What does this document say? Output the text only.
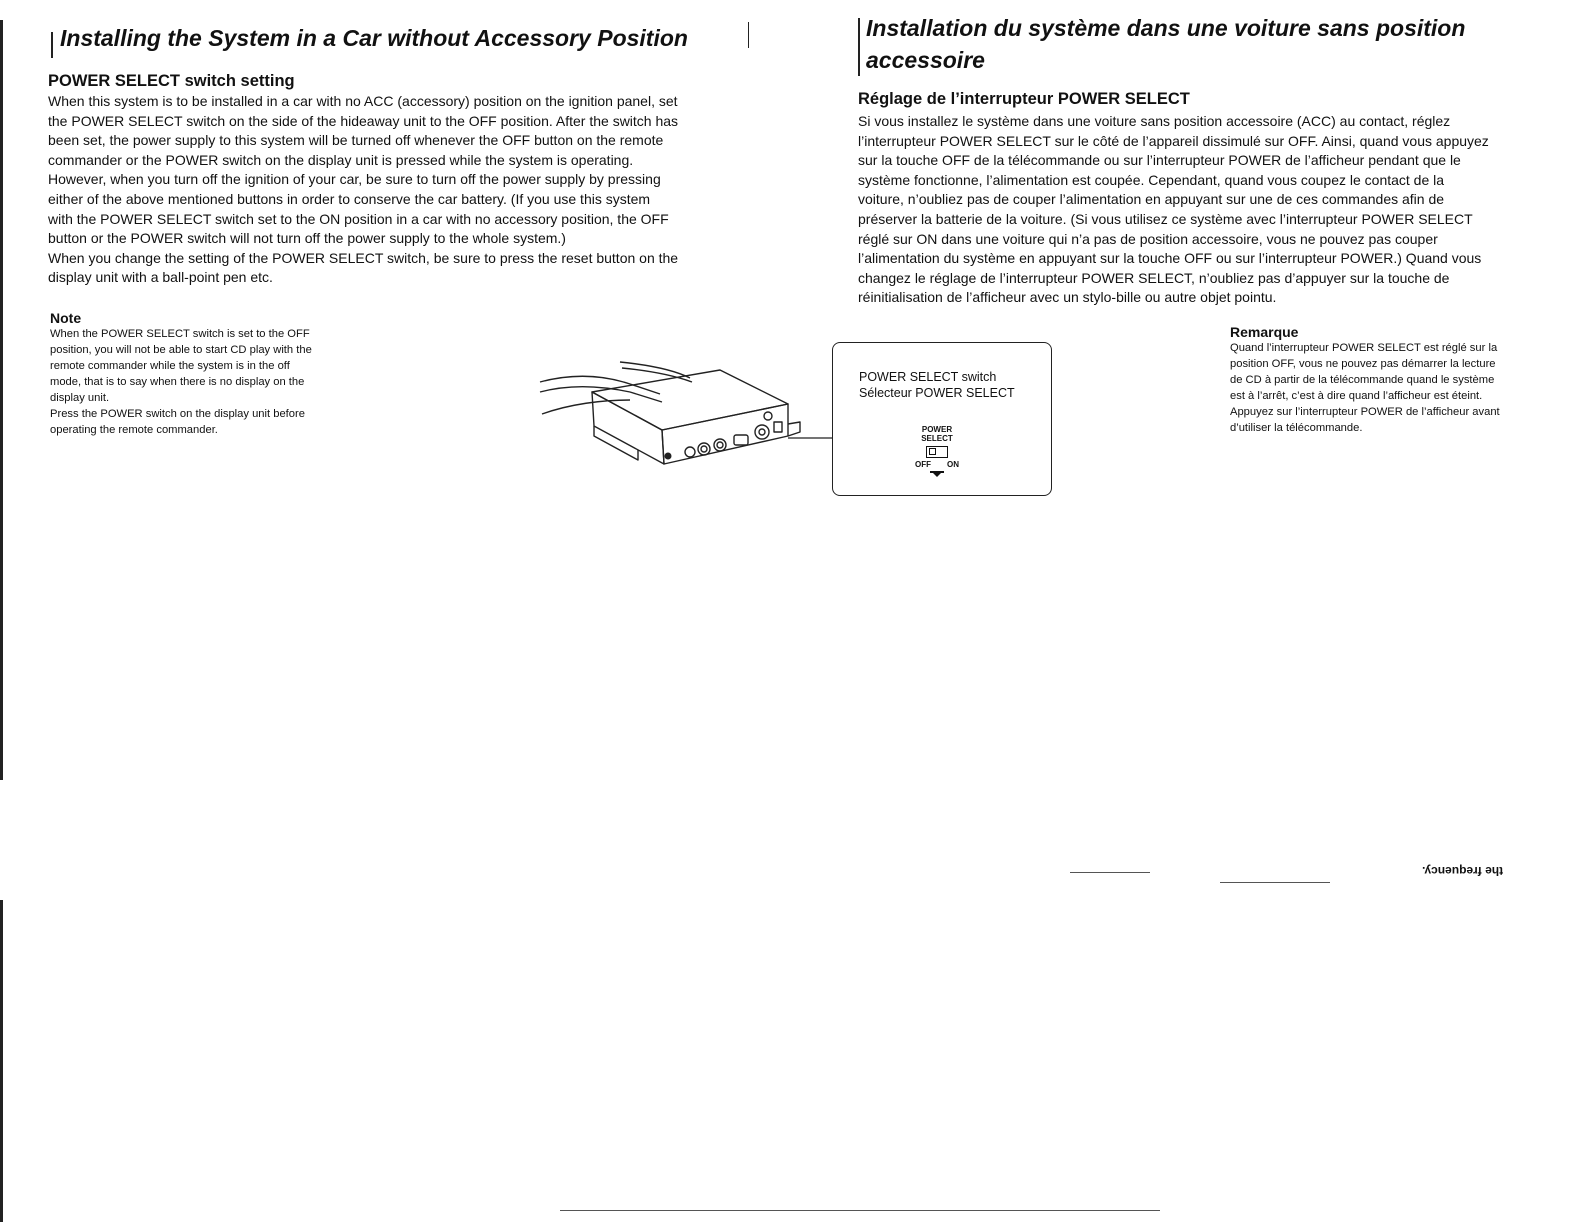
Installing the System in a Car without Accessory Position
POWER SELECT switch setting

When this system is to be installed in a car with no ACC (accessory) position on the ignition panel, set

the POWER SELECT switch on the side of the hideaway unit to the OFF position. After the switch has

been set, the power supply to this system will be turned off whenever the OFF button on the remote

commander or the POWER switch on the display unit is pressed while the system is operating.

However, when you turn off the ignition of your car, be sure to turn off the power supply by pressing

either of the above mentioned buttons in order to conserve the car battery. (If you use this system

with the POWER SELECT switch set to the ON position in a car with no accessory position, the OFF

button or the POWER switch will not turn off the power supply to the whole system.)

When you change the setting of the POWER SELECT switch, be sure to press the reset button on the

display unit with a ball-point pen etc.

Note

When the POWER SELECT switch is set to the OFF

position, you will not be able to start CD play with the

remote commander while the system is in the off

mode, that is to say when there is no display on the

display unit.

Press the POWER switch on the display unit before

operating the remote commander.

POWER SELECT switch
Sélecteur POWER SELECT
POWER
SELECT
OFF ON
Installation du système dans une voiture sans position
accessoire
Réglage de l’interrupteur POWER SELECT

Si vous installez le système dans une voiture sans position accessoire (ACC) au contact, réglez

l’interrupteur POWER SELECT sur le côté de l’appareil dissimulé sur OFF. Ainsi, quand vous appuyez

sur la touche OFF de la télécommande ou sur l’interrupteur POWER de l’afficheur pendant que le

système fonctionne, l’alimentation est coupée. Cependant, quand vous coupez le contact de la

voiture, n’oubliez pas de couper l’alimentation en appuyant sur une de ces commandes afin de

préserver la batterie de la voiture. (Si vous utilisez ce système avec l’interrupteur POWER SELECT

réglé sur ON dans une voiture qui n’a pas de position accessoire, vous ne pouvez pas couper

l’alimentation du système en appuyant sur la touche OFF ou sur l’interrupteur POWER.) Quand vous

changez le réglage de l’interrupteur POWER SELECT, n’oubliez pas d’appuyer sur la touche de

réinitialisation de l’afficheur avec un stylo-bille ou autre objet pointu.

Remarque

Quand l’interrupteur POWER SELECT est réglé sur la

position OFF, vous ne pouvez pas démarrer la lecture

de CD à partir de la télécommande quand le système

est à l’arrêt, c’est à dire quand l’afficheur est éteint.

Appuyez sur l’interrupteur POWER de l’afficheur avant

d’utiliser la télécommande.

the frequency.
